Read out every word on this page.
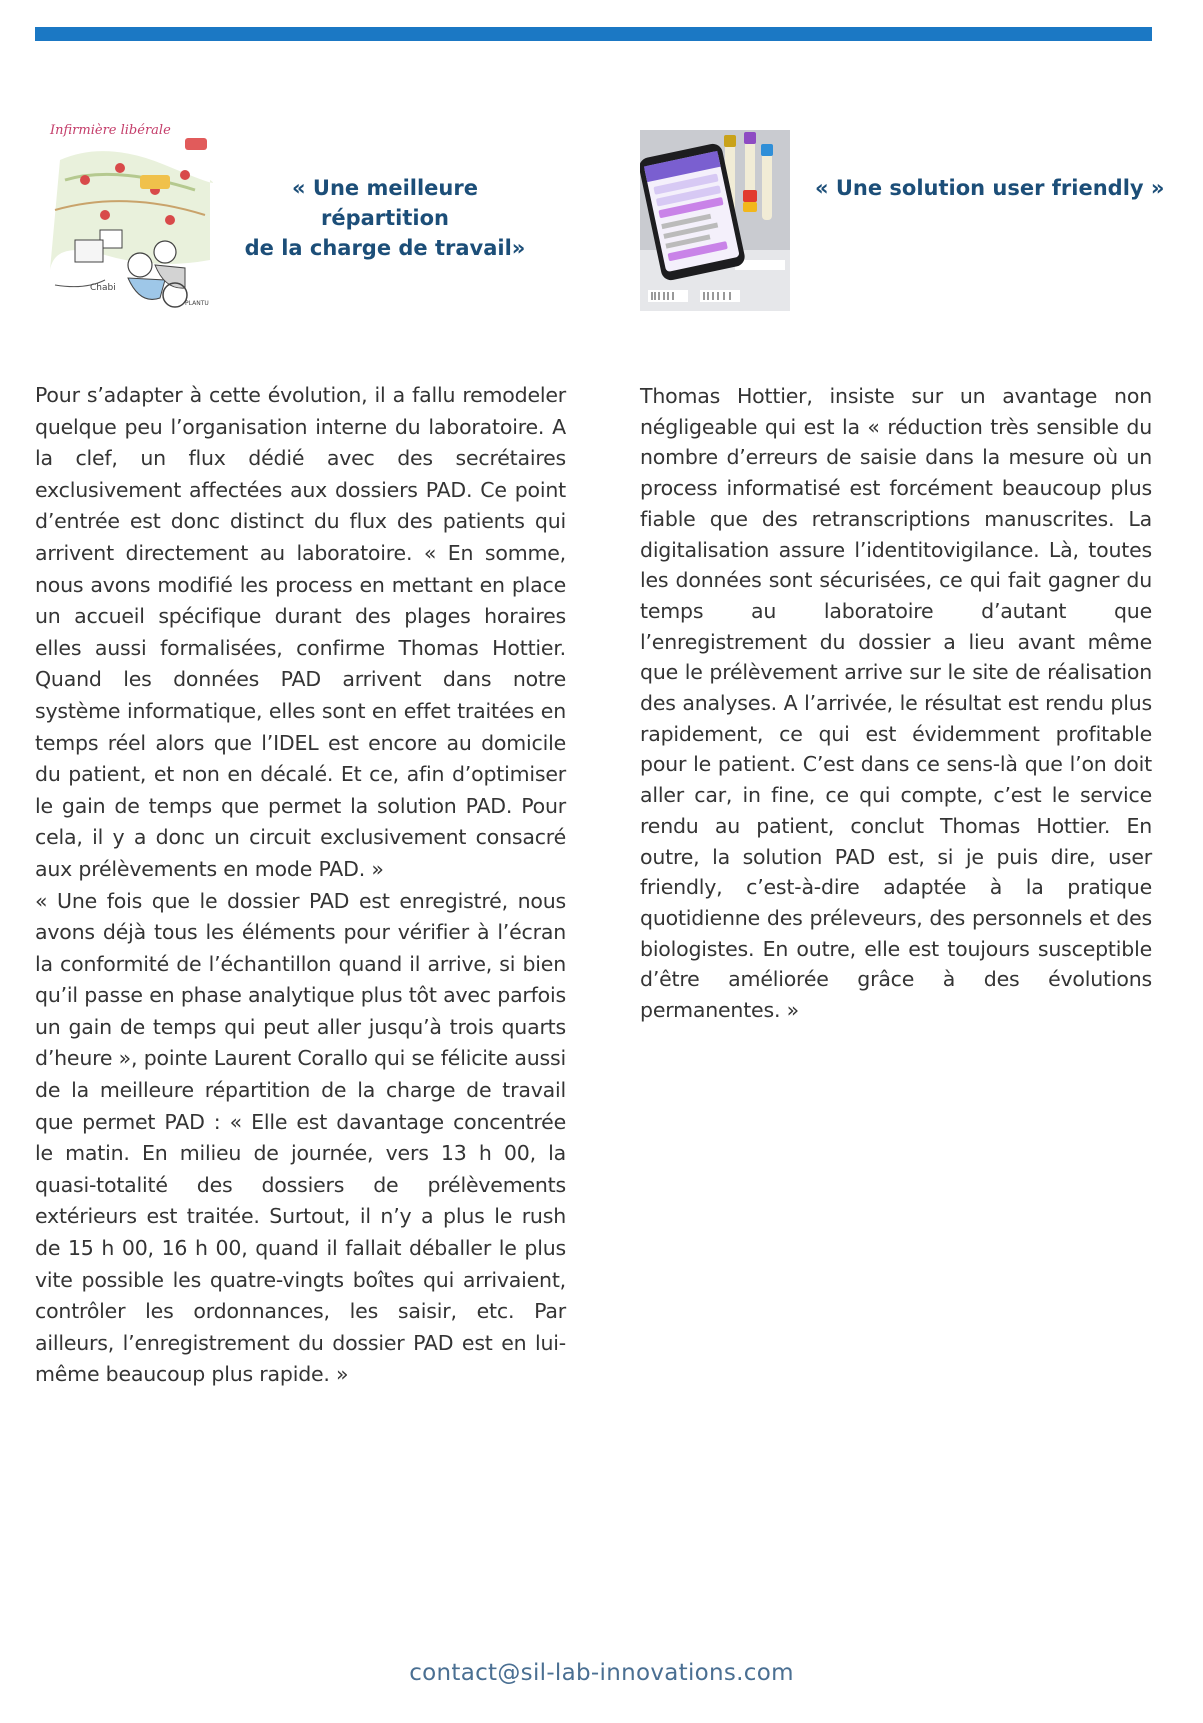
Chabi
PLANTU
Infirmière libérale
« Une meilleure répartition
de la charge de travail»
« Une solution user friendly »

Pour s’adapter à cette évolution, il a fallu remodeler quelque peu l’organisation interne du laboratoire. A la clef, un flux dédié avec des secrétaires exclusivement affectées aux dossiers PAD. Ce point d’entrée est donc distinct du flux des patients qui arrivent directement au laboratoire. « En somme, nous avons modifié les process en mettant en place un accueil spécifique durant des plages horaires elles aussi formalisées, confirme Thomas Hottier. Quand les données PAD arrivent dans notre système informatique, elles sont en effet traitées en temps réel alors que l’IDEL est encore au domicile du patient, et non en décalé. Et ce, afin d’optimiser le gain de temps que permet la solution PAD. Pour cela, il y a donc un circuit exclusivement consacré aux prélèvements en mode PAD. »

« Une fois que le dossier PAD est enregistré, nous avons déjà tous les éléments pour vérifier à l’écran la conformité de l’échantillon quand il arrive, si bien qu’il passe en phase analytique plus tôt avec parfois un gain de temps qui peut aller jusqu’à trois quarts d’heure », pointe Laurent Corallo qui se félicite aussi de la meilleure répartition de la charge de travail que permet PAD : « Elle est davantage concentrée le matin. En milieu de journée, vers 13 h 00, la quasi-totalité des dossiers de prélèvements extérieurs est traitée. Surtout, il n’y a plus le rush de 15 h 00, 16 h 00, quand il fallait déballer le plus vite possible les quatre-vingts boîtes qui arrivaient, contrôler les ordonnances, les saisir, etc. Par ailleurs, l’enregistrement du dossier PAD est en lui-même beaucoup plus rapide. »

Thomas Hottier, insiste sur un avantage non négligeable qui est la « réduction très sensible du nombre d’erreurs de saisie dans la mesure où un process informatisé est forcément beaucoup plus fiable que des retranscriptions manuscrites. La digitalisation assure l’identitovigilance. Là, toutes les données sont sécurisées, ce qui fait gagner du temps au laboratoire d’autant que l’enregistrement du dossier a lieu avant même que le prélèvement arrive sur le site de réalisation des analyses. A l’arrivée, le résultat est rendu plus rapidement, ce qui est évidemment profitable pour le patient. C’est dans ce sens-là que l’on doit aller car, in fine, ce qui compte, c’est le service rendu au patient, conclut Thomas Hottier. En outre, la solution PAD est, si je puis dire, user friendly, c’est-à-dire adaptée à la pratique quotidienne des préleveurs, des personnels et des biologistes. En outre, elle est toujours susceptible d’être améliorée grâce à des évolutions permanentes. »

contact@sil-lab-innovations.com
